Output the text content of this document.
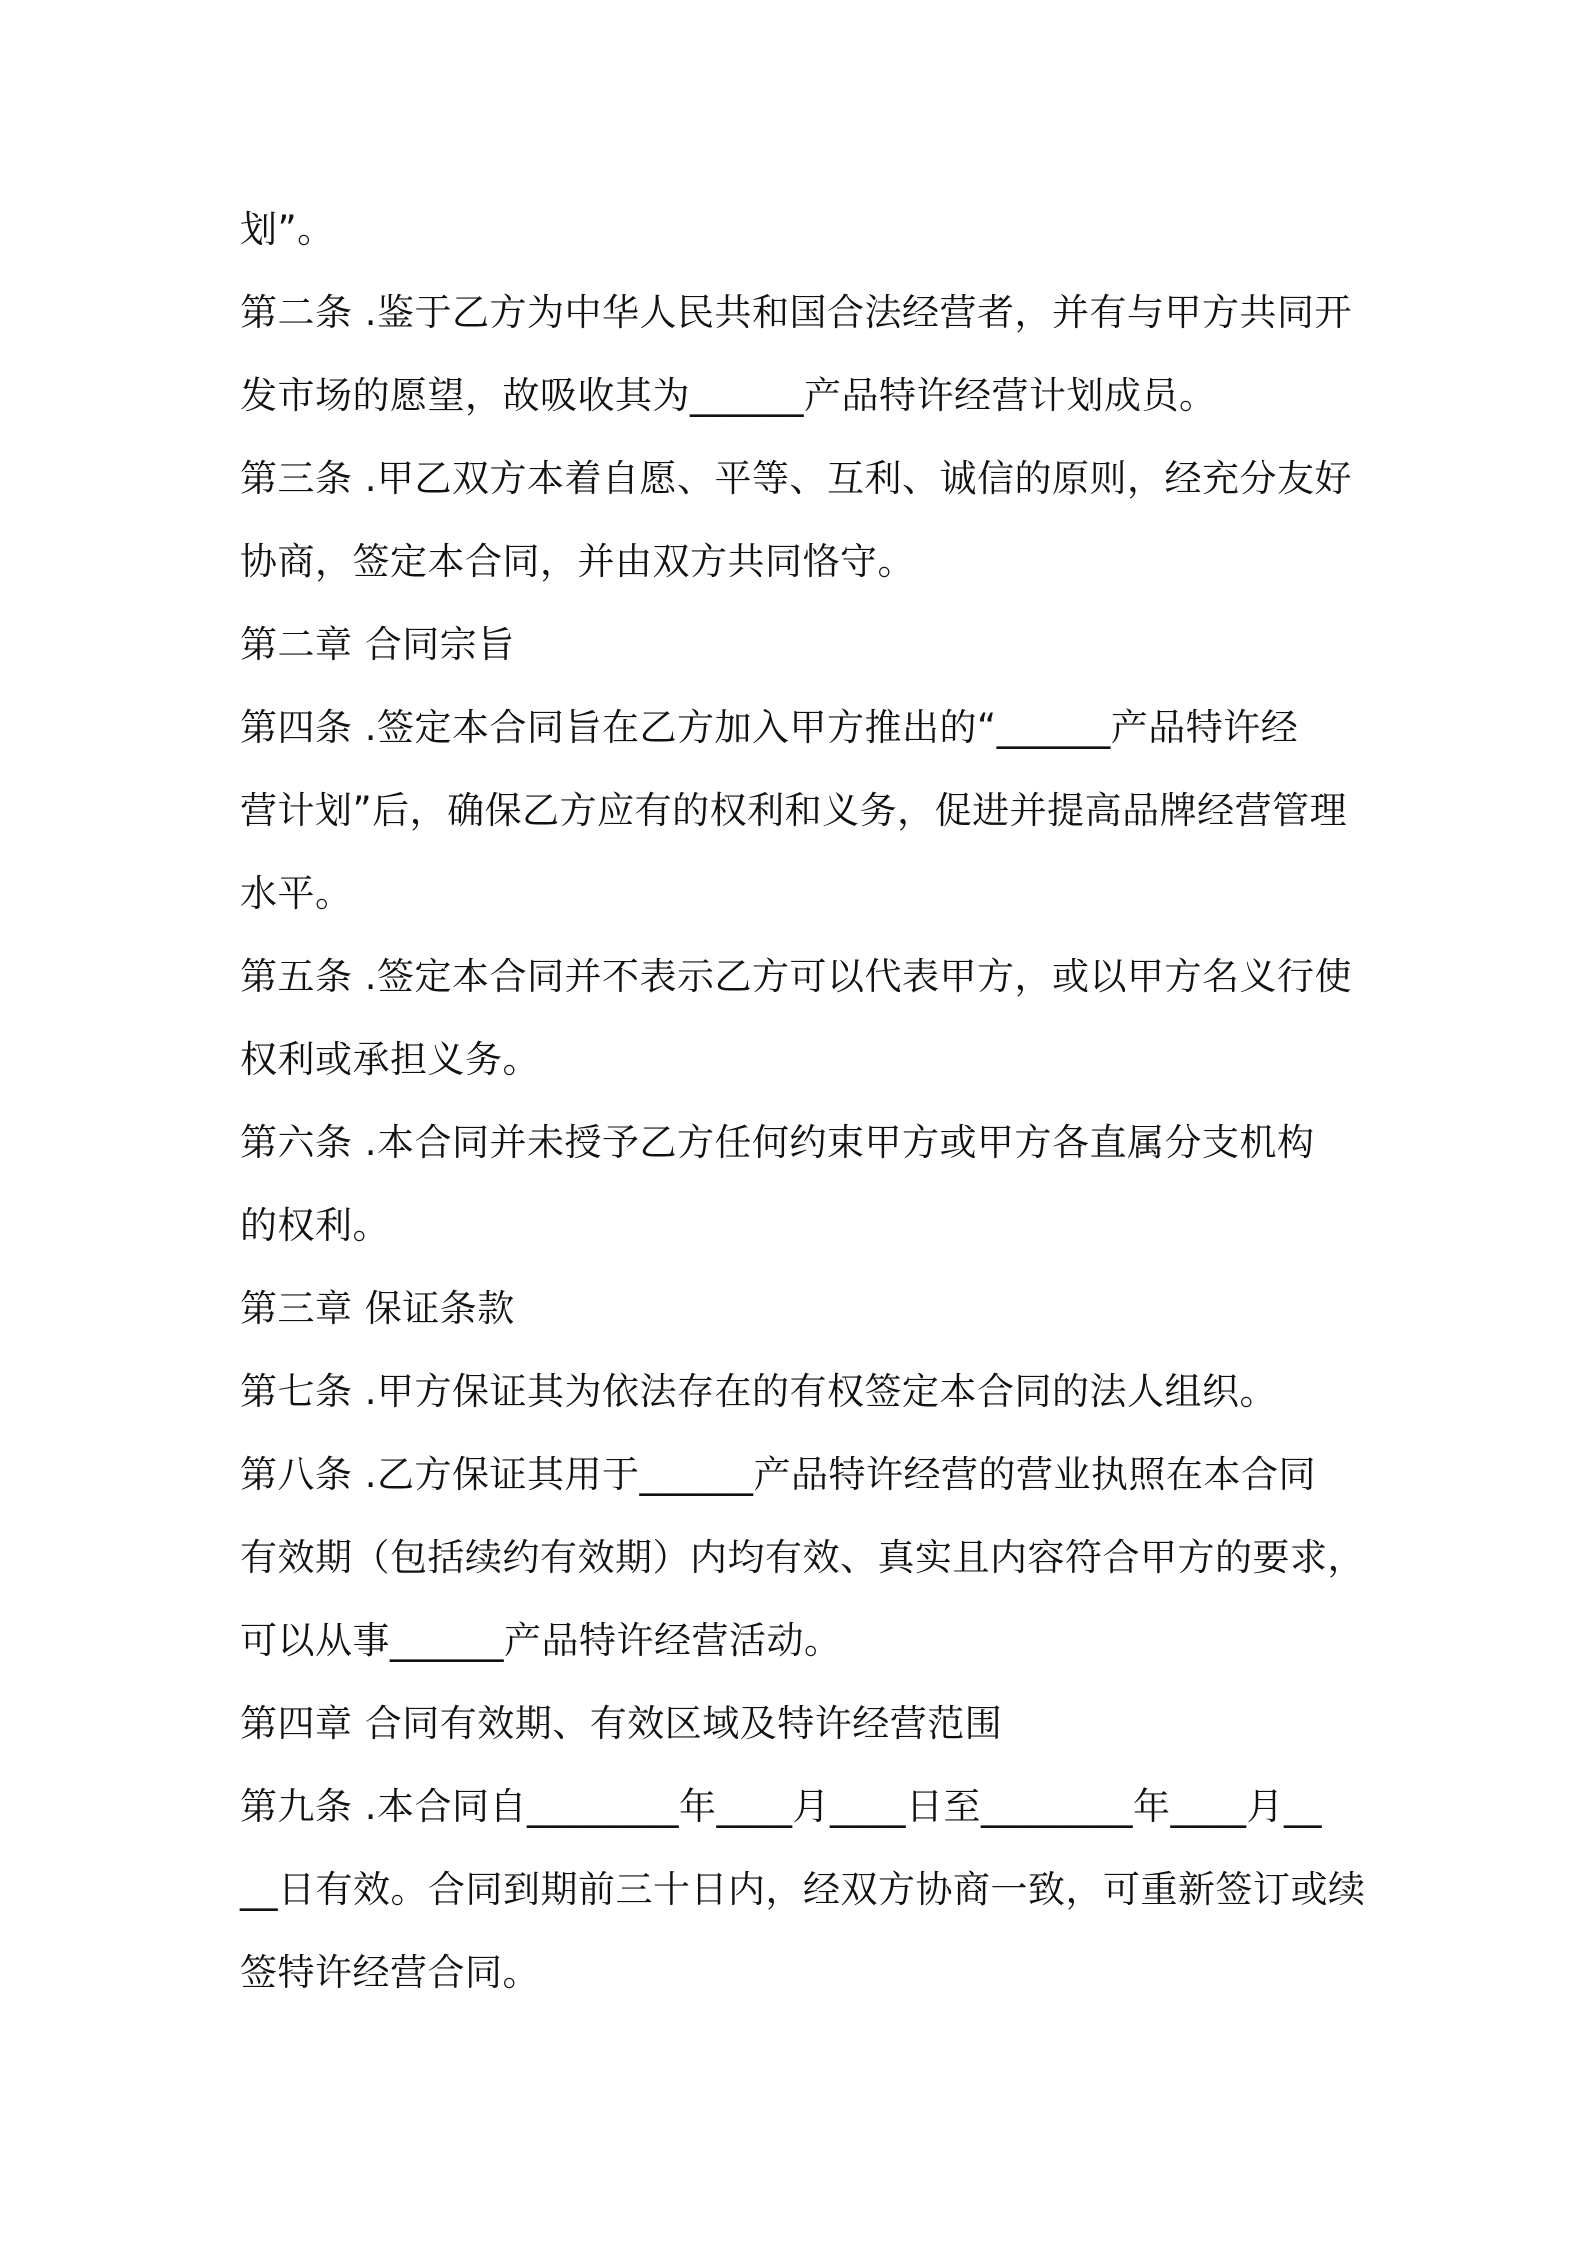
划”。
第二条 .鉴于乙方为中华人民共和国合法经营者，并有与甲方共同开
发市场的愿望，故吸收其为______产品特许经营计划成员。
第三条 .甲乙双方本着自愿、平等、互利、诚信的原则，经充分友好
协商，签定本合同，并由双方共同恪守。
第二章 合同宗旨
第四条 .签定本合同旨在乙方加入甲方推出的“______产品特许经
营计划”后，确保乙方应有的权利和义务，促进并提高品牌经营管理
水平。
第五条 .签定本合同并不表示乙方可以代表甲方，或以甲方名义行使
权利或承担义务。
第六条 .本合同并未授予乙方任何约束甲方或甲方各直属分支机构
的权利。
第三章 保证条款
第七条 .甲方保证其为依法存在的有权签定本合同的法人组织。
第八条 .乙方保证其用于______产品特许经营的营业执照在本合同
有效期（包括续约有效期）内均有效、真实且内容符合甲方的要求，
可以从事______产品特许经营活动。
第四章 合同有效期、有效区域及特许经营范围
第九条 .本合同自________年____月____日至________年____月__
__日有效。合同到期前三十日内，经双方协商一致，可重新签订或续
签特许经营合同。
